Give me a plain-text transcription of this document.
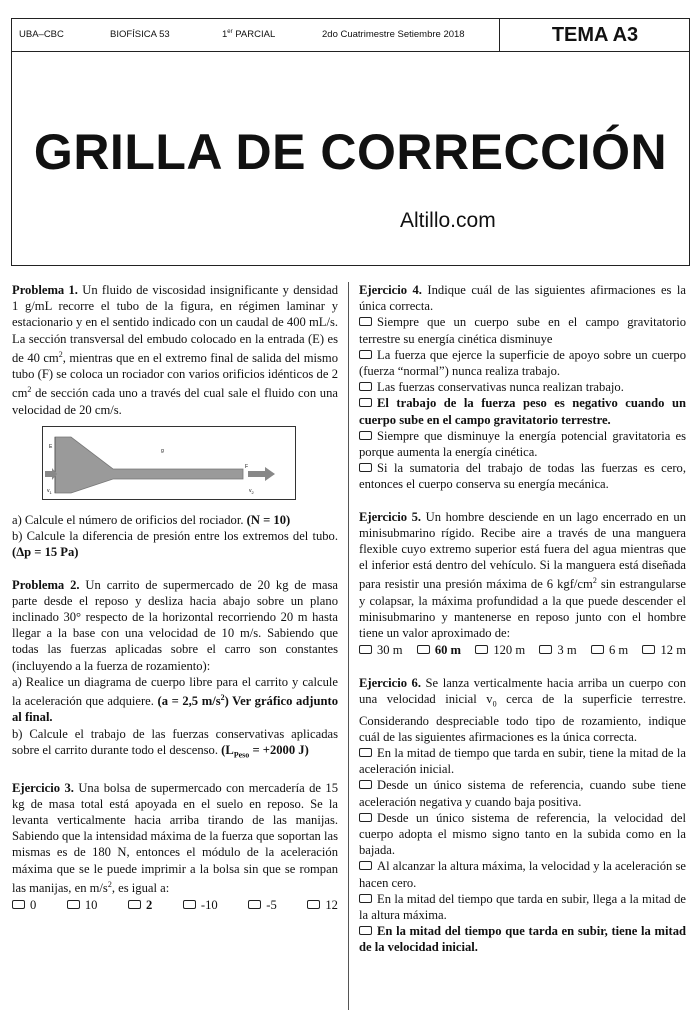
UBA–CBC	BIOFÍSICA 53	1er PARCIAL	2do Cuatrimestre Setiembre 2018	TEMA A3
GRILLA DE CORRECCIÓN
Altillo.com
Problema 1. Un fluido de viscosidad insignificante y densidad 1 g/mL recorre el tubo de la figura, en régimen laminar y estacionario y en el sentido indicado con un caudal de 400 mL/s. La sección transversal del embudo colocado en la entrada (E) es de 40 $cm^2$, mientras que en el extremo final de salida del mismo tubo (F) se coloca un rociador con varios orificios idénticos de 2 $cm^2$ de sección cada uno a través del cual sale el fluido con una velocidad de 20 cm/s.
E
g
F
$v_1$	$v_2$
a) Calcule el número de orificios del rociador. (N = 10)
b) Calcule la diferencia de presión entre los extremos del tubo. (Δp = 15 Pa)
Problema 2. Un carrito de supermercado de 20 kg de masa parte desde el reposo y desliza hacia abajo sobre un plano inclinado 30° respecto de la horizontal recorriendo 20 m hasta llegar a la base con una velocidad de 10 m/s. Sabiendo que todas las fuerzas aplicadas sobre el carro son constantes (incluyendo a la fuerza de rozamiento):
a) Realice un diagrama de cuerpo libre para el carrito y calcule la aceleración que adquiere. (a = 2,5 $m/s^2$) Ver gráfico adjunto al final.
b) Calcule el trabajo de las fuerzas conservativas aplicadas sobre el carrito durante todo el descenso. ($L_{Peso} = +2000$ J)
Ejercicio 3. Una bolsa de supermercado con mercadería de 15 kg de masa total está apoyada en el suelo en reposo. Se la levanta verticalmente hacia arriba tirando de las manijas. Sabiendo que la intensidad máxima de la fuerza que soportan las mismas es de 180 N, entonces el módulo de la aceleración máxima que se le puede imprimir a la bolsa sin que se rompan las manijas, en $m/s^2$, es igual a:
0	10	2	-10	-5	12
Ejercicio 4. Indique cuál de las siguientes afirmaciones es la única correcta.
Siempre que un cuerpo sube en el campo gravitatorio terrestre su energía cinética disminuye
La fuerza que ejerce la superficie de apoyo sobre un cuerpo (fuerza “normal”) nunca realiza trabajo.
Las fuerzas conservativas nunca realizan trabajo.
El trabajo de la fuerza peso es negativo cuando un cuerpo sube en el campo gravitatorio terrestre.
Siempre que disminuye la energía potencial gravitatoria es porque aumenta la energía cinética.
Si la sumatoria del trabajo de todas las fuerzas es cero, entonces el cuerpo conserva su energía mecánica.
Ejercicio 5. Un hombre desciende en un lago encerrado en un minisubmarino rígido. Recibe aire a través de una manguera flexible cuyo extremo superior está fuera del agua mientras que el inferior está dentro del vehículo. Si la manguera está diseñada para resistir una presión máxima de 6 kgf/$cm^2$ sin estrangularse y colapsar, la máxima profundidad a la que puede descender el minisubmarino y mantenerse en reposo junto con el hombre tiene un valor aproximado de:
30 m	60 m	120 m	3 m	6 m	12 m
Ejercicio 6. Se lanza verticalmente hacia arriba un cuerpo con una velocidad inicial $v_0$ cerca de la superficie terrestre. Considerando despreciable todo tipo de rozamiento, indique cuál de las siguientes afirmaciones es la única correcta.
En la mitad de tiempo que tarda en subir, tiene la mitad de la aceleración inicial.
Desde un único sistema de referencia, cuando sube tiene aceleración negativa y cuando baja positiva.
Desde un único sistema de referencia, la velocidad del cuerpo adopta el mismo signo tanto en la subida como en la bajada.
Al alcanzar la altura máxima, la velocidad y la aceleración se hacen cero.
En la mitad del tiempo que tarda en subir, llega a la mitad de la altura máxima.
En la mitad del tiempo que tarda en subir, tiene la mitad de la velocidad inicial.
